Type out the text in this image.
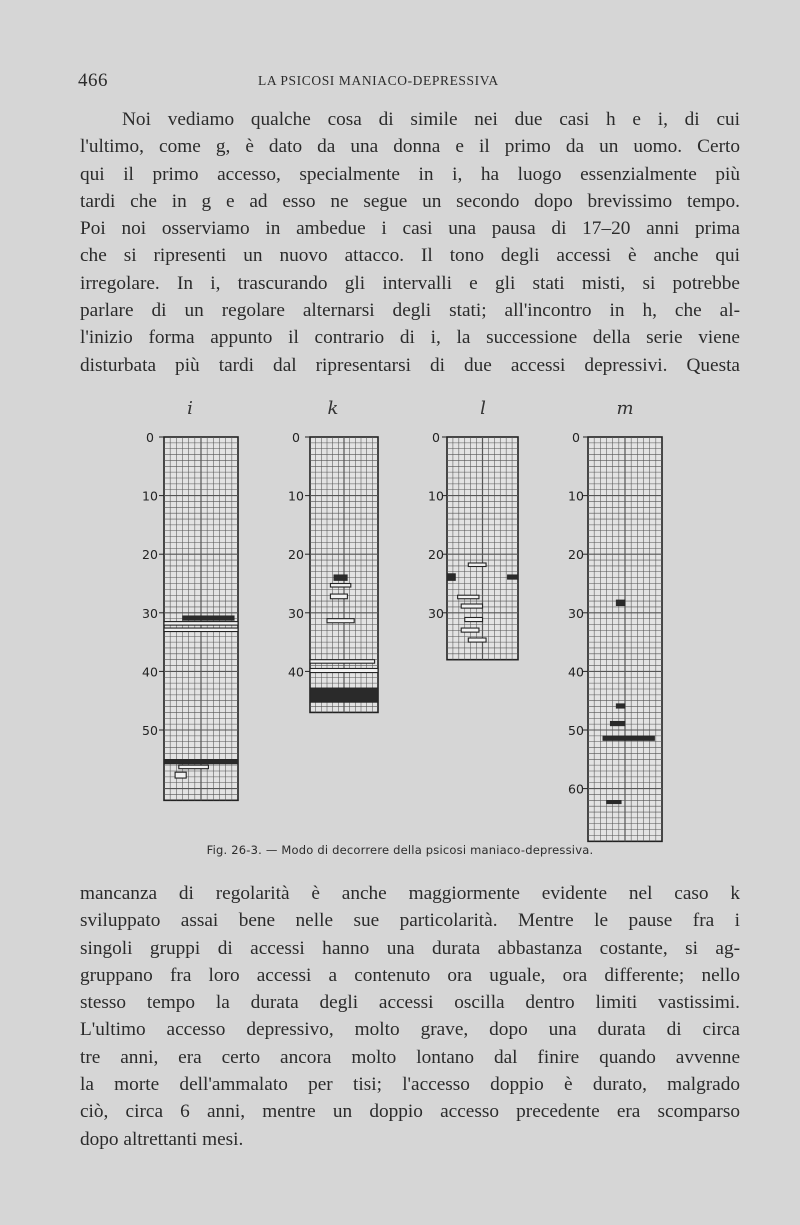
466	LA PSICOSI MANIACO-DEPRESSIVA
Noi vediamo qualche cosa di simile nei due casi h e i, di cui
l'ultimo, come g, è dato da una donna e il primo da un uomo. Certo
qui il primo accesso, specialmente in i, ha luogo essenzialmente più
tardi che in g e ad esso ne segue un secondo dopo brevissimo tempo.
Poi noi osserviamo in ambedue i casi una pausa di 17–20 anni prima
che si ripresenti un nuovo attacco. Il tono degli accessi è anche qui
irregolare. In i, trascurando gli intervalli e gli stati misti, si potrebbe
parlare di un regolare alternarsi degli stati; all'incontro in h, che al-
l'inizio forma appunto il contrario di i, la successione della serie viene
disturbata più tardi dal ripresentarsi di due accessi depressivi. Questa
i
0
10
20
30
40
50
k
0
10
20
30
40
l
0
10
20
30
m
0
10
20
30
40
50
60
Fig. 26-3. — Modo di decorrere della psicosi maniaco-depressiva.
mancanza di regolarità è anche maggiormente evidente nel caso k
sviluppato assai bene nelle sue particolarità. Mentre le pause fra i
singoli gruppi di accessi hanno una durata abbastanza costante, si ag-
gruppano fra loro accessi a contenuto ora uguale, ora differente; nello
stesso tempo la durata degli accessi oscilla dentro limiti vastissimi.
L'ultimo accesso depressivo, molto grave, dopo una durata di circa
tre anni, era certo ancora molto lontano dal finire quando avvenne
la morte dell'ammalato per tisi; l'accesso doppio è durato, malgrado
ciò, circa 6 anni, mentre un doppio accesso precedente era scomparso
dopo altrettanti mesi.
